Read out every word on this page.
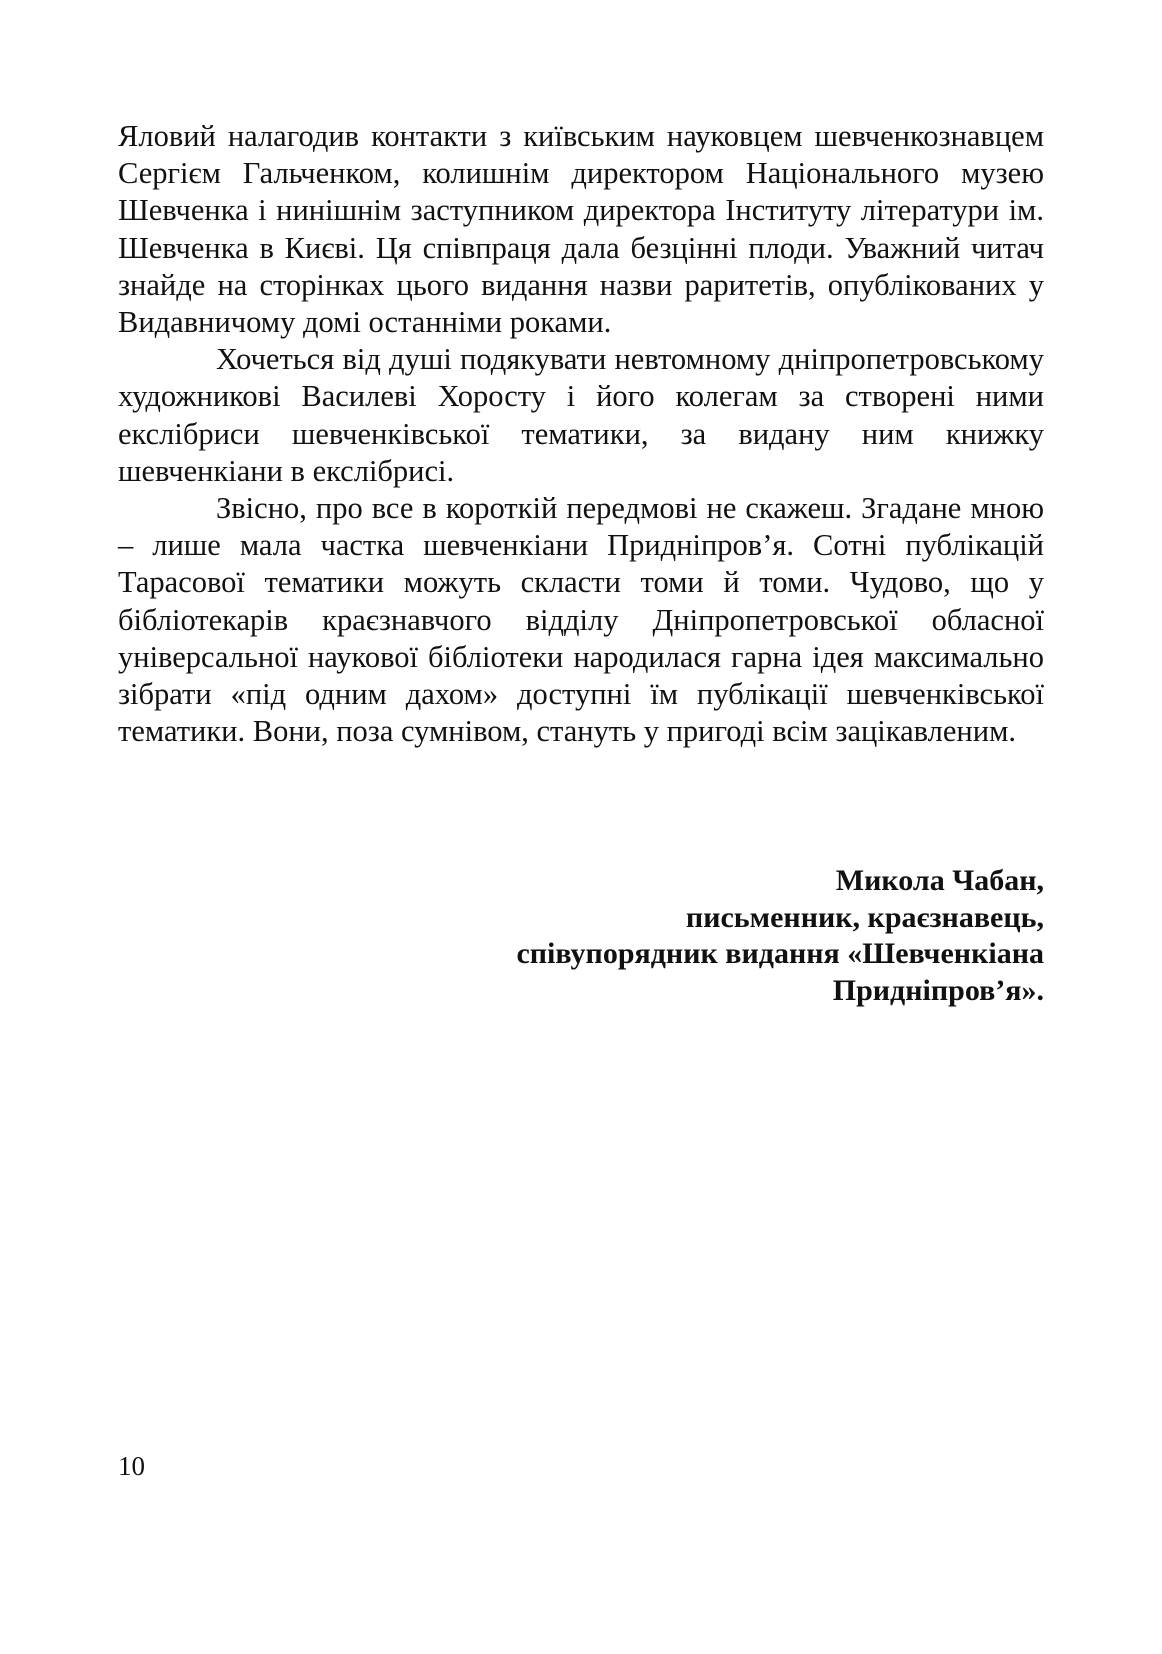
Яловий налагодив контакти з київським науковцем шевченкознавцем Сергієм Гальченком, колишнім директором Національного музею Шевченка і нинішнім заступником директора Інституту літератури ім. Шевченка в Києві. Ця співпраця дала безцінні плоди. Уважний читач знайде на сторінках цього видання назви раритетів, опублікованих у Видавничому домі останніми роками.

Хочеться від душі подякувати невтомному дніпропетровському художникові Василеві Хоросту і його колегам за створені ними екслібриси шевченківської тематики, за видану ним книжку шевченкіани в екслібрисі.

Звісно, про все в короткій передмові не скажеш. Згадане мною – лише мала частка шевченкіани Придніпров’я. Сотні публікацій Тарасової тематики можуть скласти томи й томи. Чудово, що у бібліотекарів краєзнавчого відділу Дніпропетровської обласної універсальної наукової бібліотеки народилася гарна ідея максимально зібрати «під одним дахом» доступні їм публікації шевченківської тематики. Вони, поза сумнівом, стануть у пригоді всім зацікавленим.

Микола Чабан,
письменник, краєзнавець,
співупорядник видання «Шевченкіана
Придніпров’я».
10
